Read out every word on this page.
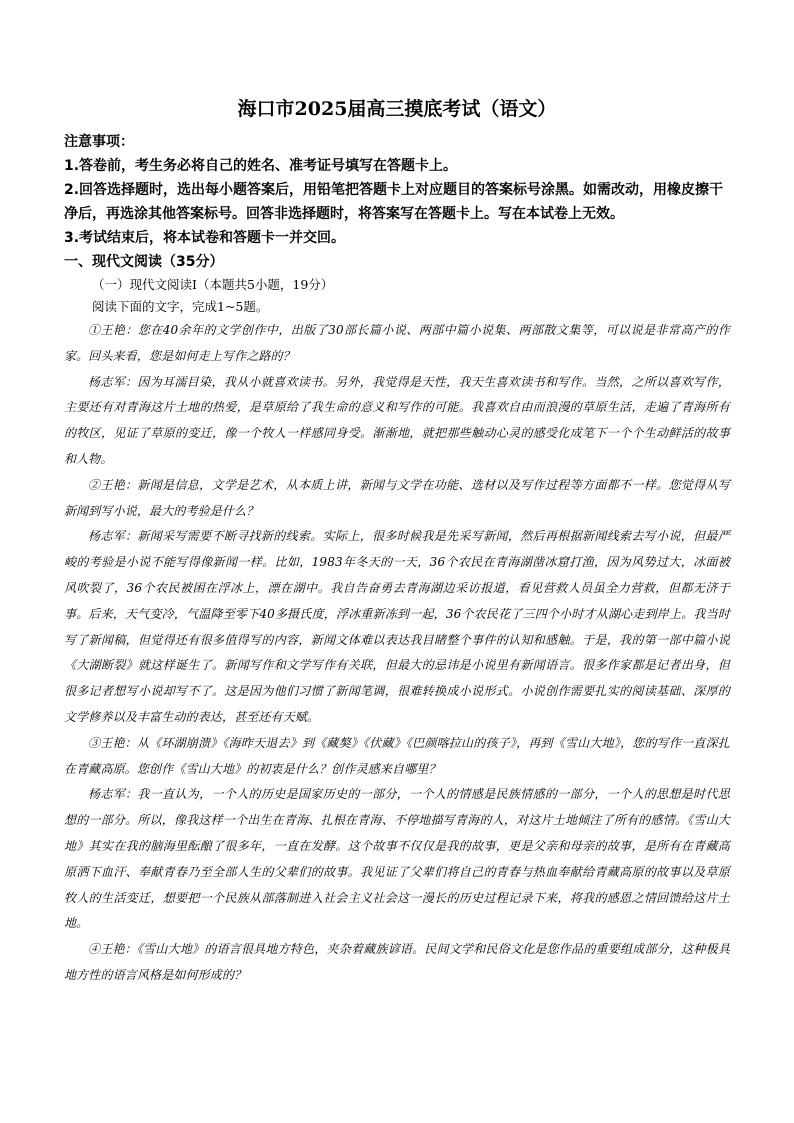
海口市2025届高三摸底考试（语文）
注意事项：

1.答卷前，考生务必将自己的姓名、准考证号填写在答题卡上。

2.回答选择题时，选出每小题答案后，用铅笔把答题卡上对应题目的答案标号涂黑。如需改动，用橡皮擦干净后，再选涂其他答案标号。回答非选择题时，将答案写在答题卡上。写在本试卷上无效。

3.考试结束后，将本试卷和答题卡一并交回。

一、现代文阅读（35分）

（一）现代文阅读Ⅰ（本题共5小题，19分）

阅读下面的文字，完成1~5题。

①王艳：您在40余年的文学创作中，出版了30部长篇小说、两部中篇小说集、两部散文集等，可以说是非常高产的作家。回头来看，您是如何走上写作之路的？

杨志军：因为耳濡目染，我从小就喜欢读书。另外，我觉得是天性，我天生喜欢读书和写作。当然，之所以喜欢写作，主要还有对青海这片土地的热爱，是草原给了我生命的意义和写作的可能。我喜欢自由而浪漫的草原生活，走遍了青海所有的牧区，见证了草原的变迁，像一个牧人一样感同身受。渐渐地，就把那些触动心灵的感受化成笔下一个个生动鲜活的故事和人物。

②王艳：新闻是信息，文学是艺术，从本质上讲，新闻与文学在功能、选材以及写作过程等方面都不一样。您觉得从写新闻到写小说，最大的考验是什么？

杨志军：新闻采写需要不断寻找新的线索。实际上，很多时候我是先采写新闻，然后再根据新闻线索去写小说，但最严峻的考验是小说不能写得像新闻一样。比如，1983年冬天的一天，36个农民在青海湖凿冰窟打渔，因为风势过大，冰面被风吹裂了，36个农民被困在浮冰上，漂在湖中。我自告奋勇去青海湖边采访报道，看见营救人员虽全力营救，但都无济于事。后来，天气变冷，气温降至零下40多摄氏度，浮冰重新冻到一起，36个农民花了三四个小时才从湖心走到岸上。我当时写了新闻稿，但觉得还有很多值得写的内容，新闻文体难以表达我目睹整个事件的认知和感触。于是，我的第一部中篇小说《大湖断裂》就这样诞生了。新闻写作和文学写作有关联，但最大的忌讳是小说里有新闻语言。很多作家都是记者出身，但很多记者想写小说却写不了。这是因为他们习惯了新闻笔调，很难转换成小说形式。小说创作需要扎实的阅读基础、深厚的文学修养以及丰富生动的表达，甚至还有天赋。

③王艳：从《环湖崩溃》《海昨天退去》到《藏獒》《伏藏》《巴颜喀拉山的孩子》，再到《雪山大地》，您的写作一直深扎在青藏高原。您创作《雪山大地》的初衷是什么？创作灵感来自哪里？

杨志军：我一直认为，一个人的历史是国家历史的一部分，一个人的情感是民族情感的一部分，一个人的思想是时代思想的一部分。所以，像我这样一个出生在青海、扎根在青海、不停地描写青海的人，对这片土地倾注了所有的感情。《雪山大地》其实在我的脑海里酝酿了很多年，一直在发酵。这个故事不仅仅是我的故事，更是父亲和母亲的故事，是所有在青藏高原洒下血汗、奉献青春乃至全部人生的父辈们的故事。我见证了父辈们将自己的青春与热血奉献给青藏高原的故事以及草原牧人的生活变迁，想要把一个民族从部落制进入社会主义社会这一漫长的历史过程记录下来，将我的感恩之情回馈给这片土地。

④王艳：《雪山大地》的语言很具地方特色，夹杂着藏族谚语。民间文学和民俗文化是您作品的重要组成部分，这种极具地方性的语言风格是如何形成的？
